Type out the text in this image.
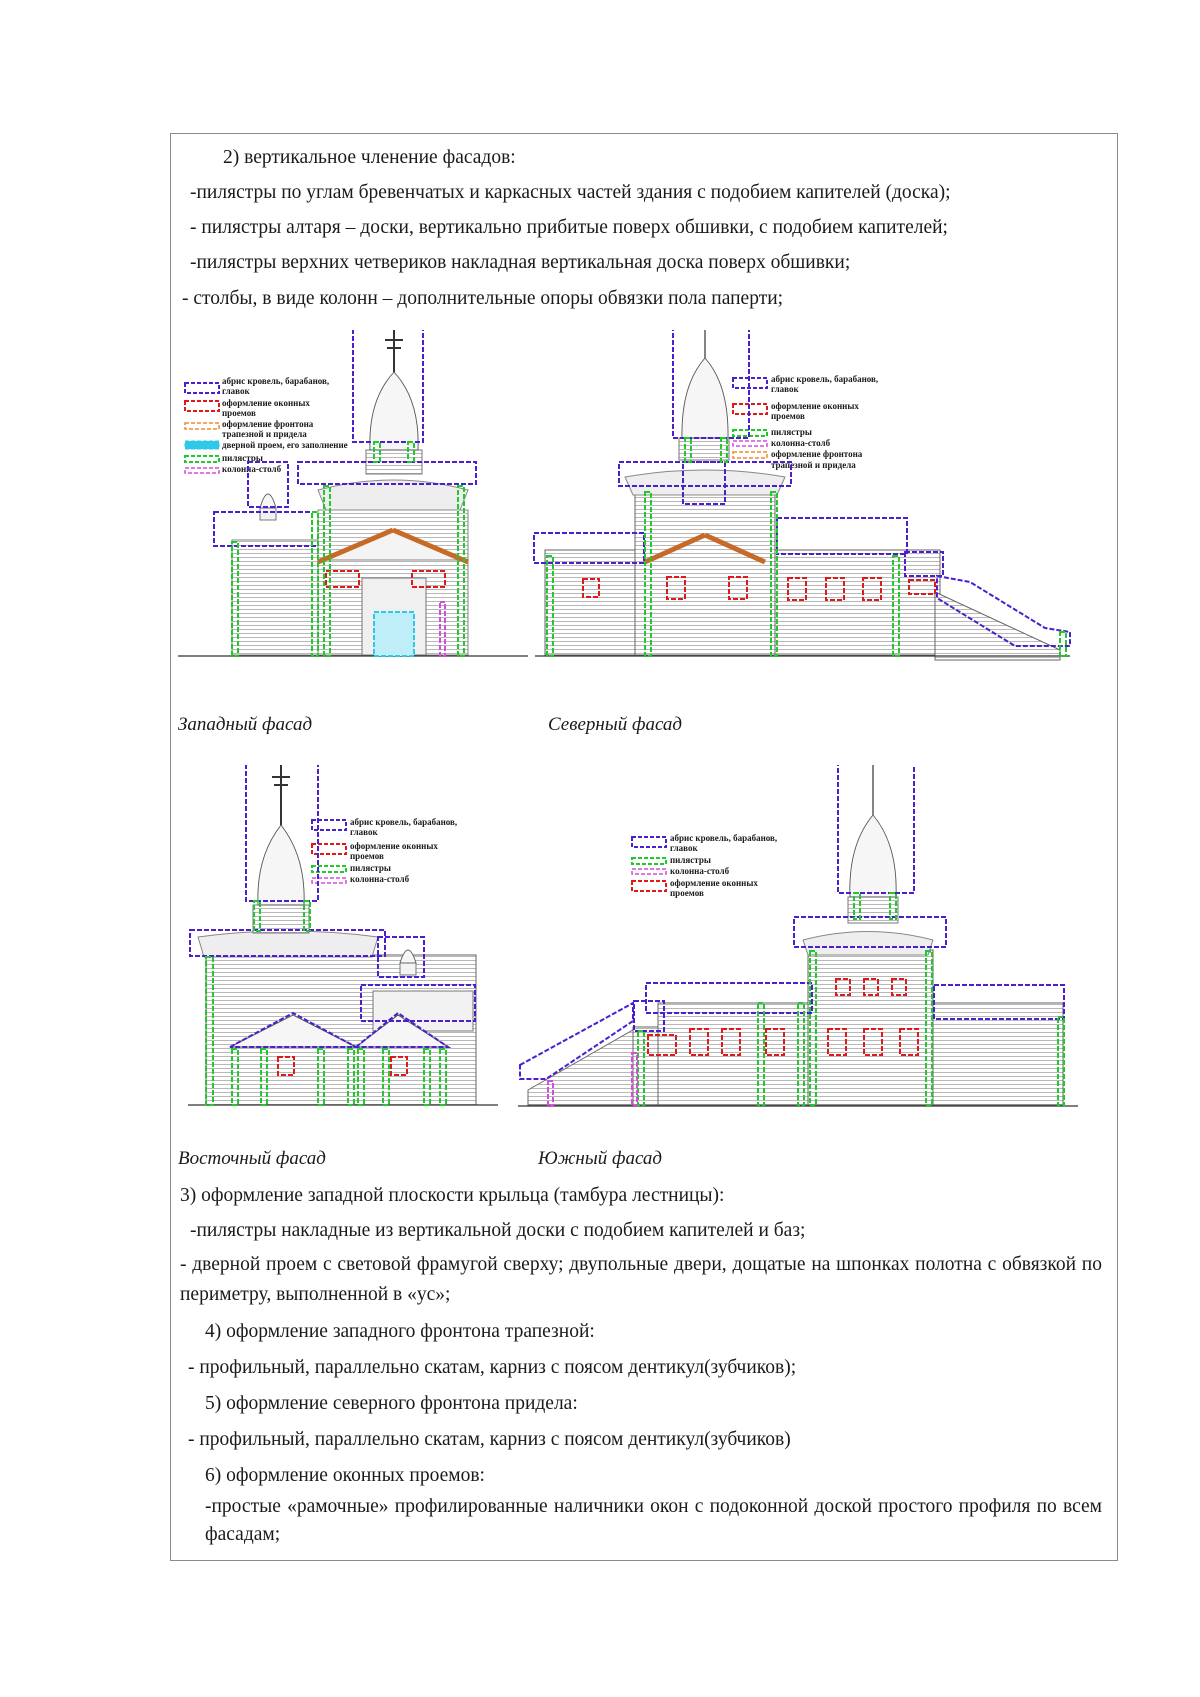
2) вертикальное членение фасадов:
-пилястры по углам бревенчатых и каркасных частей здания с подобием капителей (доска);
- пилястры алтаря – доски, вертикально прибитые поверх обшивки, с подобием капителей;
-пилястры верхних четвериков накладная вертикальная доска поверх обшивки;
- столбы, в виде колонн – дополнительные опоры обвязки пола паперти;
абрис кровель, барабанов,
главок
оформление оконных
проемов
оформление фронтона
трапезной и придела
дверной проем, его заполнение
пилястры
колонна-столб
Западный фасад
абрис кровель, барабанов,
главок
оформление оконных
проемов
пилястры
колонна-столб
оформление фронтона
трапезной и придела
Северный фасад
абрис кровель, барабанов,
главок
оформление оконных
проемов
пилястры
колонна-столб
Восточный фасад
абрис кровель, барабанов,
главок
пилястры
колонна-столб
оформление оконных
проемов
Южный фасад
3) оформление западной плоскости крыльца (тамбура лестницы):
-пилястры накладные из вертикальной доски с подобием капителей и баз;
- дверной проем с световой фрамугой сверху; двупольные двери, дощатые на шпонках полотна с обвязкой по периметру, выполненной в «ус»;
4) оформление западного фронтона трапезной:
- профильный, параллельно скатам, карниз с поясом дентикул(зубчиков);
5) оформление северного фронтона придела:
- профильный, параллельно скатам, карниз с поясом дентикул(зубчиков)
6) оформление оконных проемов:
-простые «рамочные» профилированные наличники окон с подоконной доской простого профиля по всем фасадам;
